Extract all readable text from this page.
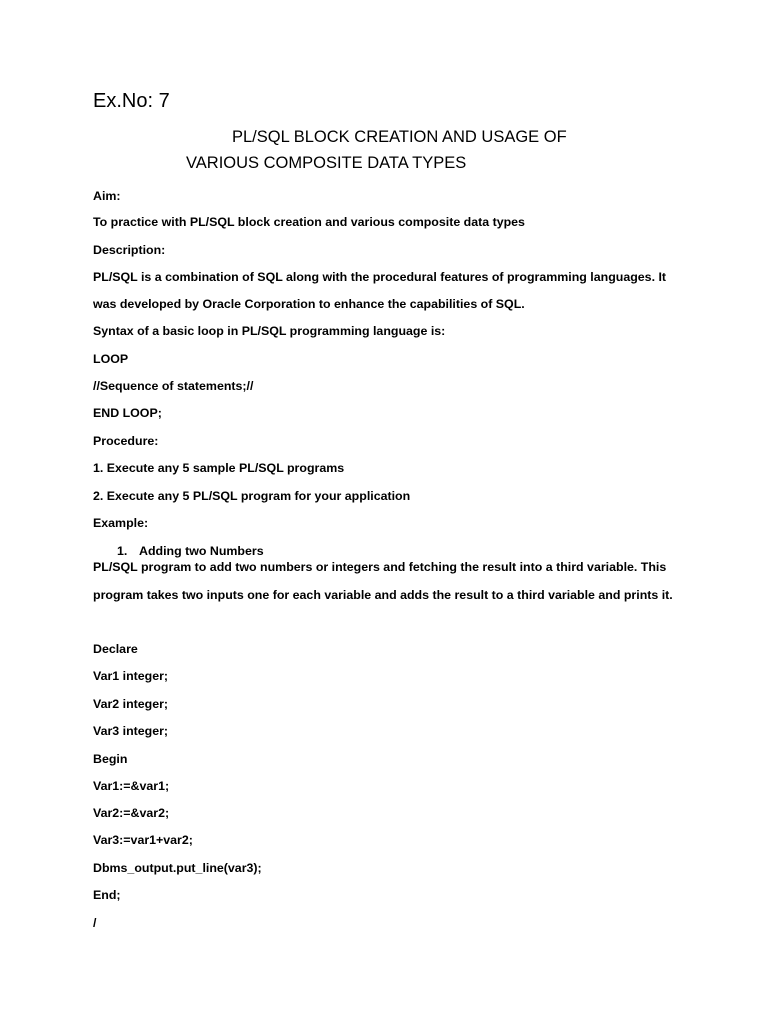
Ex.No: 7
PL/SQL BLOCK CREATION AND USAGE OF
VARIOUS COMPOSITE DATA TYPES
Aim:
To practice with PL/SQL block creation and various composite data types
Description:
PL/SQL is a combination of SQL along with the procedural features of programming languages. It
was developed by Oracle Corporation to enhance the capabilities of SQL.
Syntax of a basic loop in PL/SQL programming language is:
LOOP
//Sequence of statements;//
END LOOP;
Procedure:
1. Execute any 5 sample PL/SQL programs
2. Execute any 5 PL/SQL program for your application
Example:
1. Adding two Numbers
PL/SQL program to add two numbers or integers and fetching the result into a third variable. This
program takes two inputs one for each variable and adds the result to a third variable and prints it.
Declare
Var1 integer;
Var2 integer;
Var3 integer;
Begin
Var1:=&var1;
Var2:=&var2;
Var3:=var1+var2;
Dbms_output.put_line(var3);
End;
/
